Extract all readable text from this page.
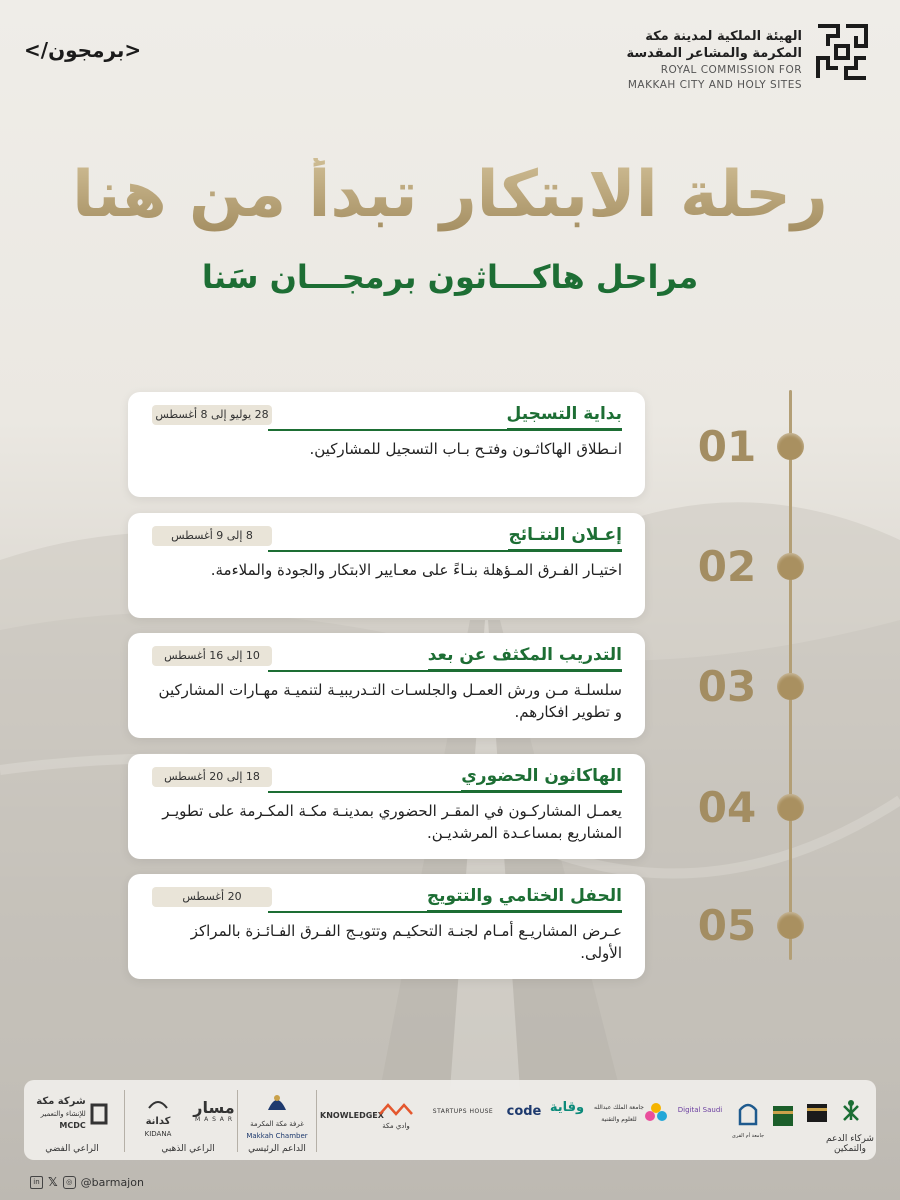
<برمجون/>
الهيئة الملكية لمدينة مكة
المكرمة والمشاعر المقدسة
ROYAL COMMISSION FOR
MAKKAH CITY AND HOLY SITES
رحلة الابتكار تبدأ من هنا
مراحل هاكـــاثون برمجـــان سَنا
01
02
03
04
05
بداية التسجيل
28 يوليو إلى 8 أغسطس
انـطلاق الهاكاثـون وفتـح بـاب التسجيل للمشاركين.
إعـلان النتـائج
8 إلى 9 أغسطس
اختيـار الفـرق المـؤهلة بنـاءً على معـايير الابتكار والجودة والملاءمة.
التدريب المكثف عن بعد
10 إلى 16 أغسطس
سلسلـة مـن ورش العمـل والجلسـات التـدريبيـة لتنميـة مهـارات المشاركين و تطوير افكارهم.
الهاكاثون الحضوري
18 إلى 20 أغسطس
يعمـل المشاركـون في المقـر الحضوري بمدينـة مكـة المكـرمة على تطويـر المشاريع بمساعـدة المرشديـن.
الحفل الختامي والتتويج
20 أغسطس
عـرض المشاريـع أمـام لجنـة التحكيـم وتتويـج الفـرق الفـائـزة بالمراكز الأولى.
شركة مكة
للإنشاء والتعمير
MCDC
الراعي الفضي
كدانة
KIDANA
مسار
M A S A R
الراعي الذهبي
غرفة مكة المكرمة
Makkah Chamber
الداعم الرئيسي
KNOWLEDGEX
وادي مكة
STARTUPS HOUSE	code وقاية	جامعة الملك عبدالله للعلوم والتقنية
Digital Saudi
جامعة أم القرى	شركاء الدعم والتمكين
in 𝕏	◎ @barmajon
